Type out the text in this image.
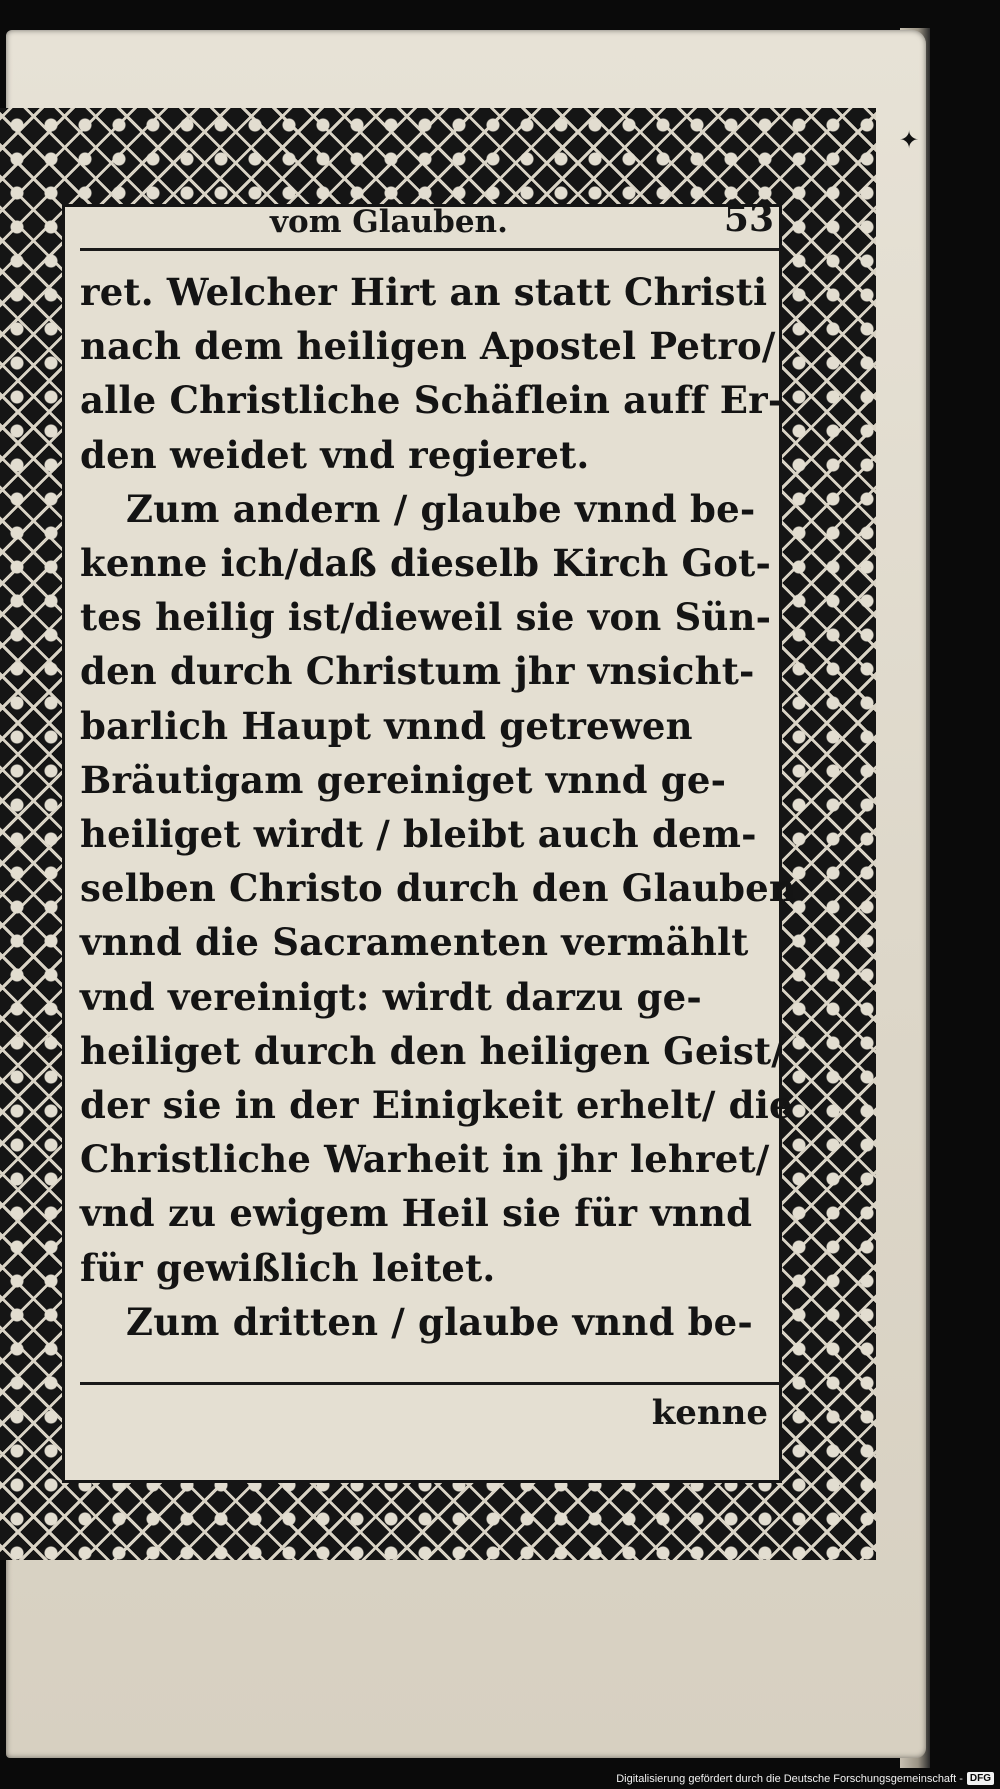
✦
vom Glauben.	53
ret. Welcher Hirt an statt Christi
nach dem heiligen Apostel Petro/
alle Christliche Schäflein auff Er-
den weidet vnd regieret.
Zum andern / glaube vnnd be-
kenne ich/daß dieselb Kirch Got-
tes heilig ist/dieweil sie von Sün-
den durch Christum jhr vnsicht-
barlich Haupt vnnd getrewen
Bräutigam gereiniget vnnd ge-
heiliget wirdt / bleibt auch dem-
selben Christo durch den Glauben
vnnd die Sacramenten vermählt
vnd vereinigt: wirdt darzu ge-
heiliget durch den heiligen Geist/
der sie in der Einigkeit erhelt/ die
Christliche Warheit in jhr lehret/
vnd zu ewigem Heil sie für vnnd
für gewißlich leitet.
Zum dritten / glaube vnnd be-
kenne
Digitalisierung gefördert durch die Deutsche Forschungsgemeinschaft - DFG
